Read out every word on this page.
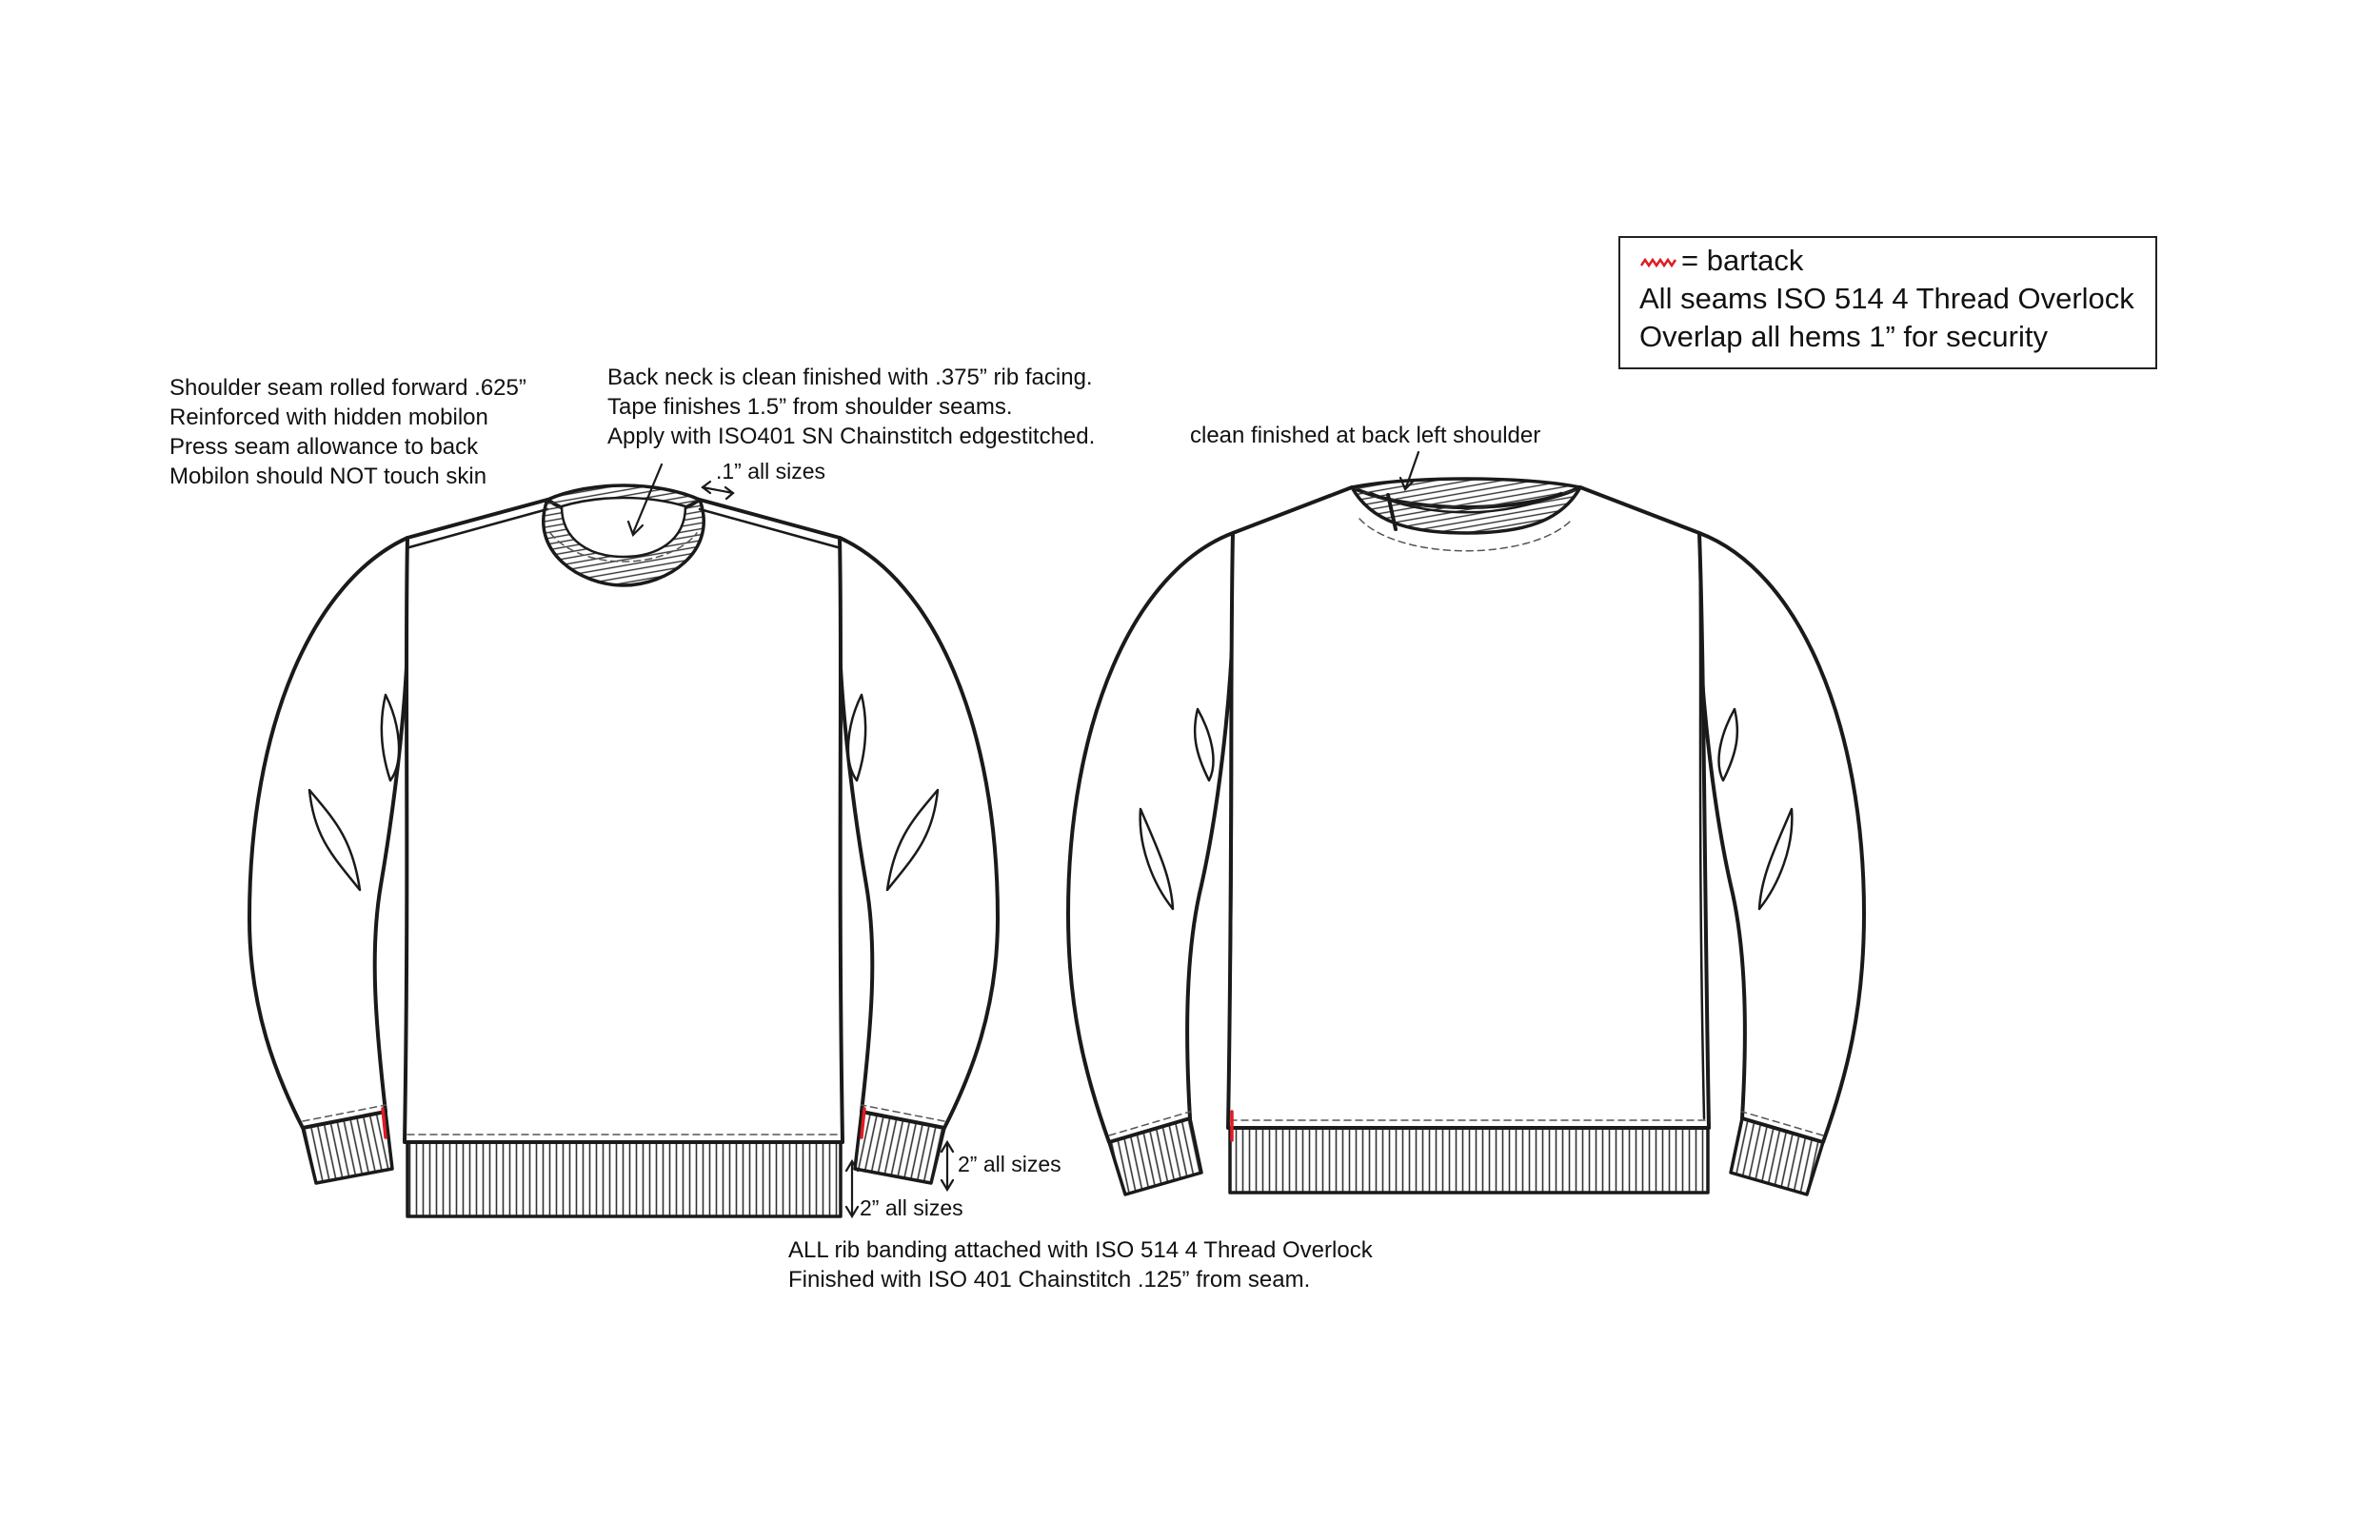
= bartack
All seams ISO 514 4 Thread Overlock
Overlap all hems 1” for security
Shoulder seam rolled forward .625”
Reinforced with hidden mobilon
Press seam allowance to back
Mobilon should NOT touch skin
Back neck is clean finished with .375” rib facing.
Tape finishes 1.5” from shoulder seams.
Apply with ISO401 SN Chainstitch edgestitched.
.1” all sizes
clean finished at back left shoulder
2” all sizes
2” all sizes
ALL rib banding attached with ISO 514 4 Thread Overlock
Finished with ISO 401 Chainstitch .125” from seam.
